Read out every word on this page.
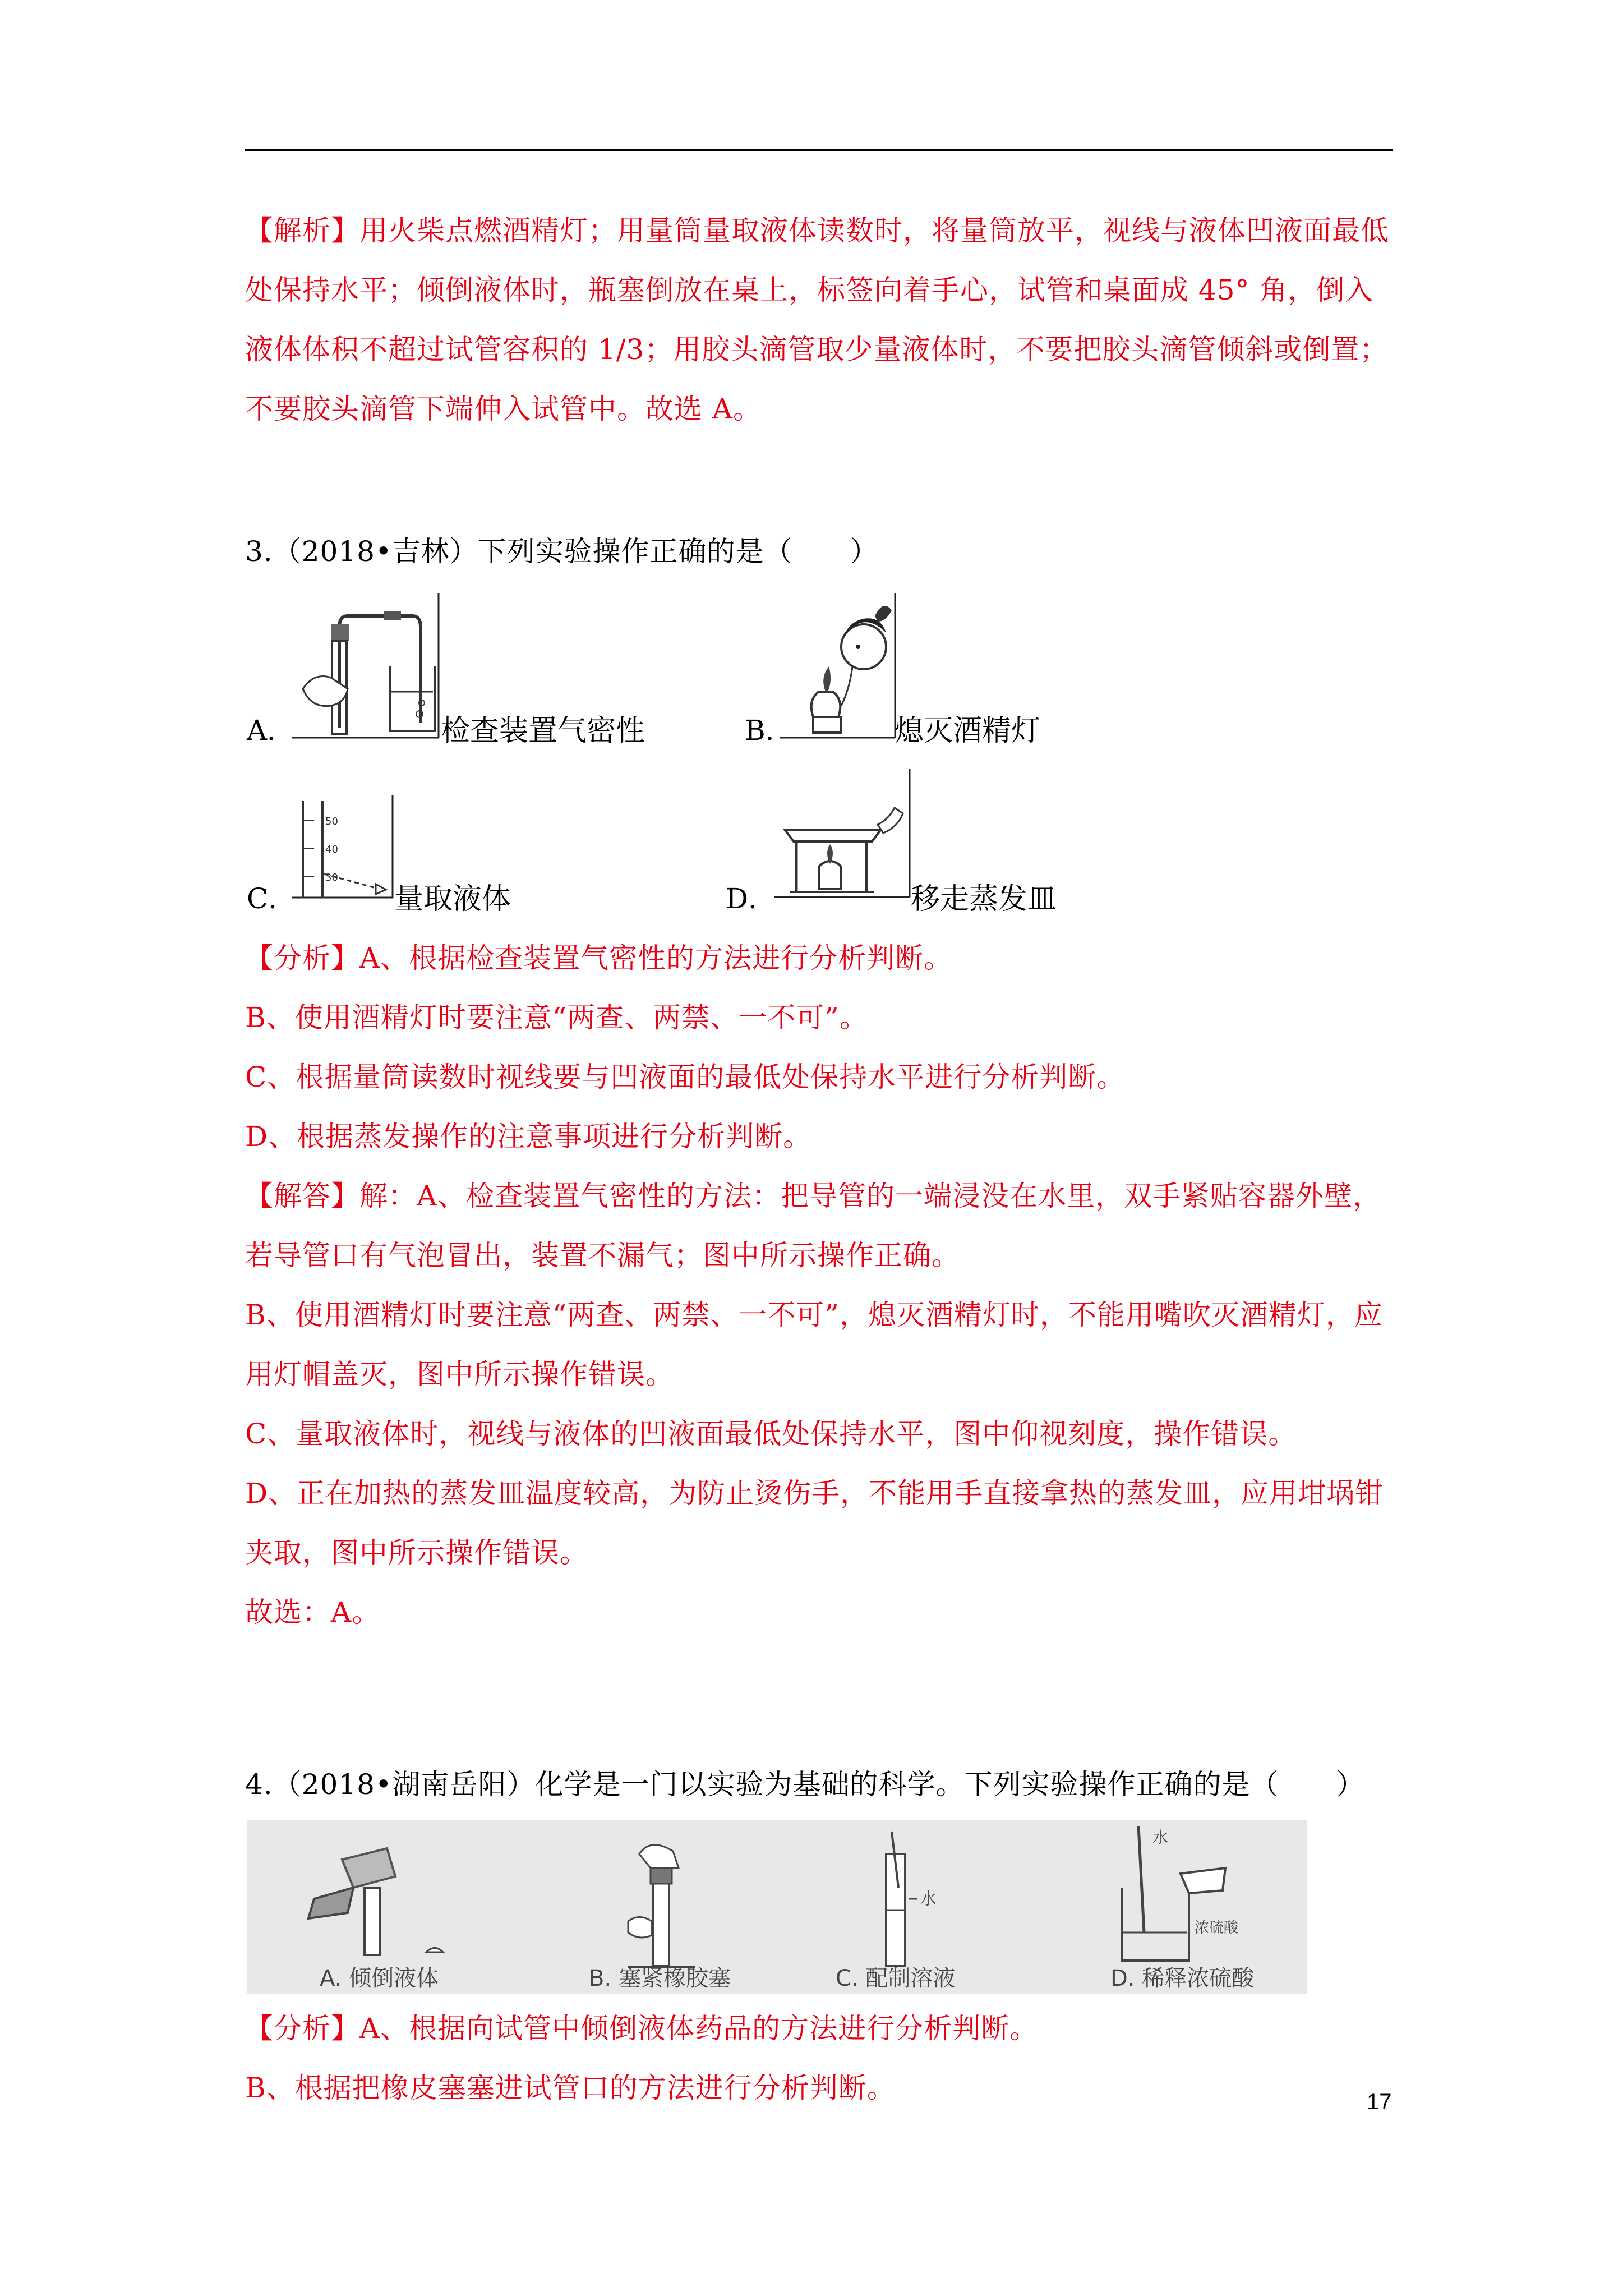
【解析】用火柴点燃酒精灯；用量筒量取液体读数时，将量筒放平，视线与液体凹液面最低
处保持水平；倾倒液体时，瓶塞倒放在桌上，标签向着手心，试管和桌面成 45° 角，倒入
液体体积不超过试管容积的 1/3；用胶头滴管取少量液体时，不要把胶头滴管倾斜或倒置；
不要胶头滴管下端伸入试管中。故选 A。
3.（2018•吉林）下列实验操作正确的是（　　）
A．	检查装置气密性	B．	熄灭酒精灯
C．
50
40
30
量取液体	D．	移走蒸发皿
【分析】A、根据检查装置气密性的方法进行分析判断。
B、使用酒精灯时要注意“两查、两禁、一不可”。
C、根据量筒读数时视线要与凹液面的最低处保持水平进行分析判断。
D、根据蒸发操作的注意事项进行分析判断。
【解答】解：A、检查装置气密性的方法：把导管的一端浸没在水里，双手紧贴容器外壁，
若导管口有气泡冒出，装置不漏气；图中所示操作正确。
B、使用酒精灯时要注意“两查、两禁、一不可”，熄灭酒精灯时，不能用嘴吹灭酒精灯，应
用灯帽盖灭，图中所示操作错误。
C、量取液体时，视线与液体的凹液面最低处保持水平，图中仰视刻度，操作错误。
D、正在加热的蒸发皿温度较高，为防止烫伤手，不能用手直接拿热的蒸发皿，应用坩埚钳
夹取，图中所示操作错误。
故选：A。
4.（2018•湖南岳阳）化学是一门以实验为基础的科学。下列实验操作正确的是（　　）
A. 倾倒液体	B. 塞紧橡胶塞
水
C. 配制溶液
水
浓硫酸
D. 稀释浓硫酸
【分析】A、根据向试管中倾倒液体药品的方法进行分析判断。
B、根据把橡皮塞塞进试管口的方法进行分析判断。	17
